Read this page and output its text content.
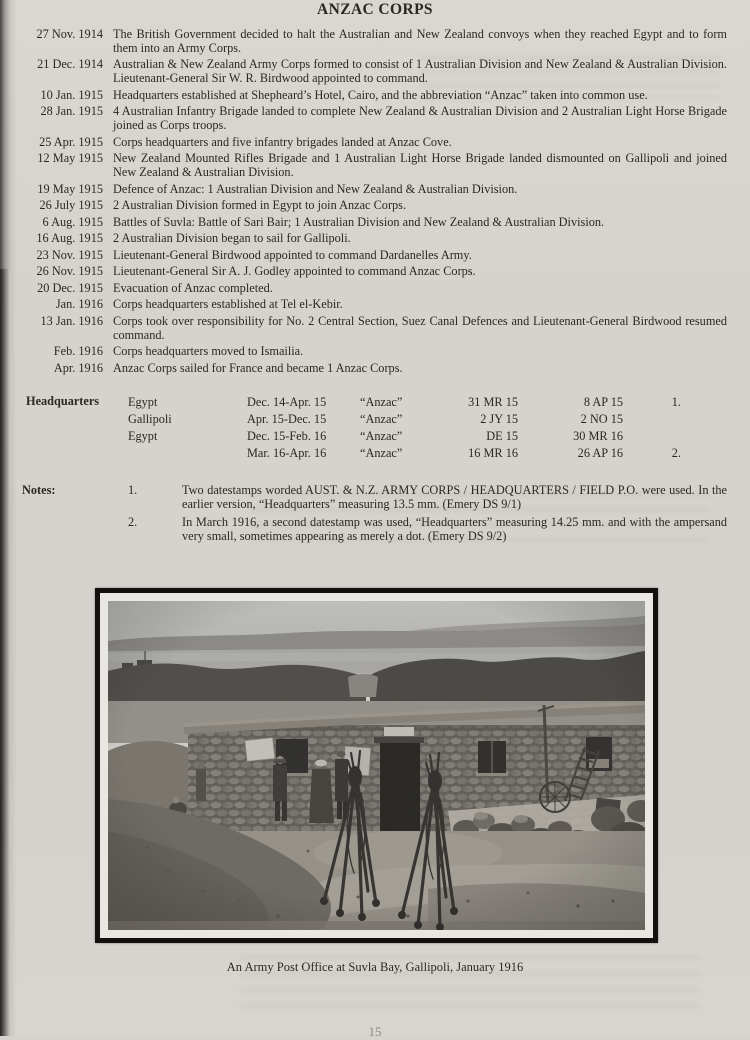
ANZAC CORPS
27 Nov. 1914 The British Government decided to halt the Australian and New Zealand convoys when they reached Egypt and to form them into an Army Corps.
21 Dec. 1914 Australian & New Zealand Army Corps formed to consist of 1 Australian Division and New Zealand & Australian Division. Lieutenant-General Sir W. R. Birdwood appointed to command.
10 Jan. 1915 Headquarters established at Shepheard’s Hotel, Cairo, and the abbreviation “Anzac” taken into common use.
28 Jan. 1915 4 Australian Infantry Brigade landed to complete New Zealand & Australian Division and 2 Australian Light Horse Brigade joined as Corps troops.
25 Apr. 1915 Corps headquarters and five infantry brigades landed at Anzac Cove.
12 May 1915 New Zealand Mounted Rifles Brigade and 1 Australian Light Horse Brigade landed dismounted on Gallipoli and joined New Zealand & Australian Division.
19 May 1915 Defence of Anzac: 1 Australian Division and New Zealand & Australian Division.
26 July 1915 2 Australian Division formed in Egypt to join Anzac Corps.
6 Aug. 1915 Battles of Suvla: Battle of Sari Bair; 1 Australian Division and New Zealand & Australian Division.
16 Aug. 1915 2 Australian Division began to sail for Gallipoli.
23 Nov. 1915 Lieutenant-General Birdwood appointed to command Dardanelles Army.
26 Nov. 1915 Lieutenant-General Sir A. J. Godley appointed to command Anzac Corps.
20 Dec. 1915 Evacuation of Anzac completed.
Jan. 1916 Corps headquarters established at Tel el-Kebir.
13 Jan. 1916 Corps took over responsibility for No. 2 Central Section, Suez Canal Defences and Lieutenant-General Birdwood resumed command.
Feb. 1916 Corps headquarters moved to Ismailia.
Apr. 1916 Anzac Corps sailed for France and became 1 Anzac Corps.
Headquarters Egypt	Dec. 14-Apr. 15	“Anzac”	31 MR 15	8 AP 15	1.
Gallipoli	Apr. 15-Dec. 15	“Anzac”	2 JY 15	2 NO 15
Egypt	Dec. 15-Feb. 16	“Anzac”	DE 15	30 MR 16
Mar. 16-Apr. 16	“Anzac”	16 MR 16	26 AP 16	2.
Notes:	1.	Two datestamps worded AUST. & N.Z. ARMY CORPS / HEADQUARTERS / FIELD P.O. were used. In the earlier version, “Headquarters” measuring 13.5 mm. (Emery DS 9/1)
2.	In March 1916, a second datestamp was used, “Headquarters” measuring 14.25 mm. and with the ampersand very small, sometimes appearing as merely a dot. (Emery DS 9/2)
An Army Post Office at Suvla Bay, Gallipoli, January 1916
15
